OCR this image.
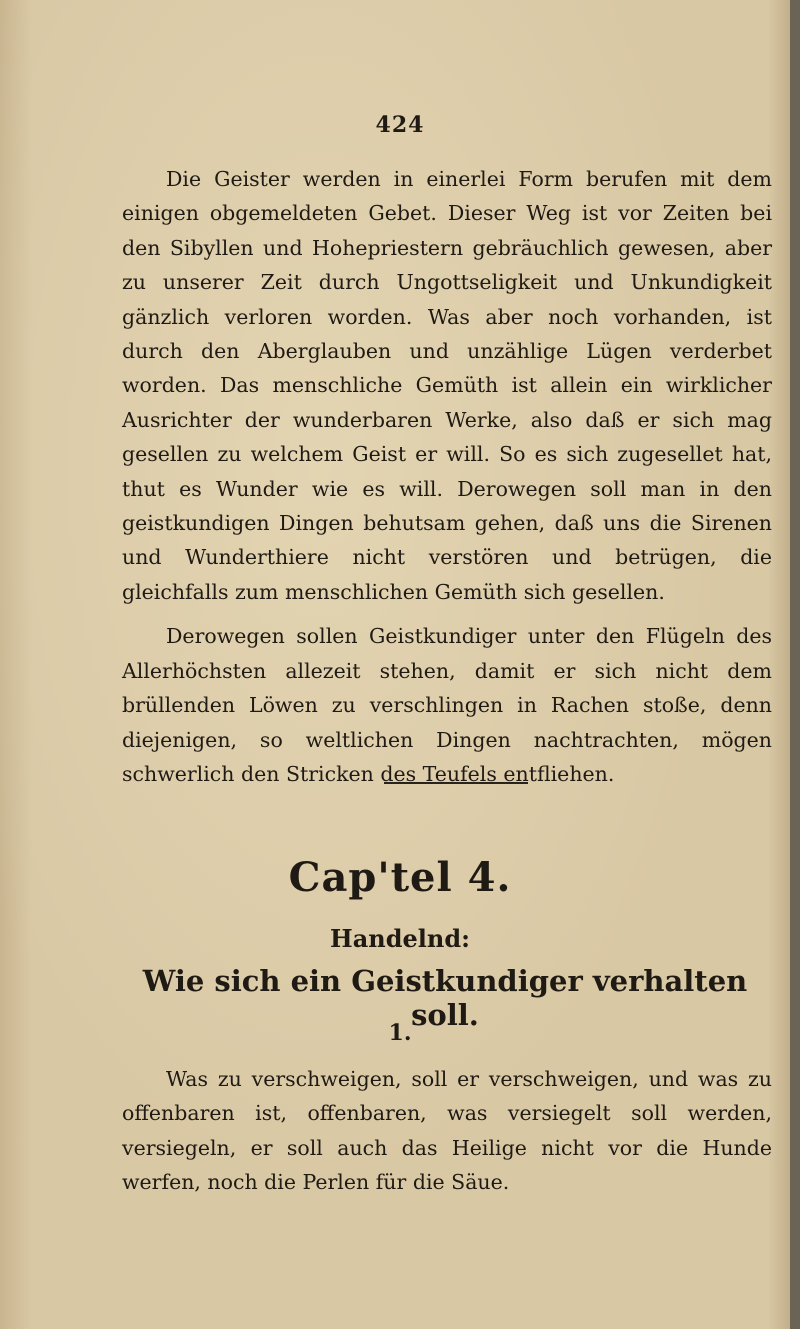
424

Die Geister werden in einerlei Form berufen mit dem einigen obgemeldeten Gebet. Dieser Weg ist vor Zeiten bei den Sibyllen und Hohepriestern gebräuchlich gewesen, aber zu unserer Zeit durch Ungottseligkeit und Unkundigkeit gänzlich verloren worden. Was aber noch vorhanden, ist durch den Aberglauben und unzählige Lügen verderbet worden. Das menschliche Gemüth ist allein ein wirklicher Ausrichter der wunderbaren Werke, also daß er sich mag gesellen zu welchem Geist er will. So es sich zugesellet hat, thut es Wunder wie es will. Derowegen soll man in den geistkundigen Dingen behutsam gehen, daß uns die Sirenen und Wunderthiere nicht verstören und betrügen, die gleichfalls zum menschlichen Gemüth sich gesellen.

Derowegen sollen Geistkundiger unter den Flügeln des Allerhöchsten allezeit stehen, damit er sich nicht dem brüllenden Löwen zu verschlingen in Rachen stoße, denn diejenigen, so weltlichen Dingen nachtrachten, mögen schwerlich den Stricken des Teufels entfliehen.

Cap'tel 4.
Handelnd:
Wie sich ein Geistkundiger verhalten soll.
1.

Was zu verschweigen, soll er verschweigen, und was zu offenbaren ist, offenbaren, was versiegelt soll werden, versiegeln, er soll auch das Heilige nicht vor die Hunde werfen, noch die Perlen für die Säue.
